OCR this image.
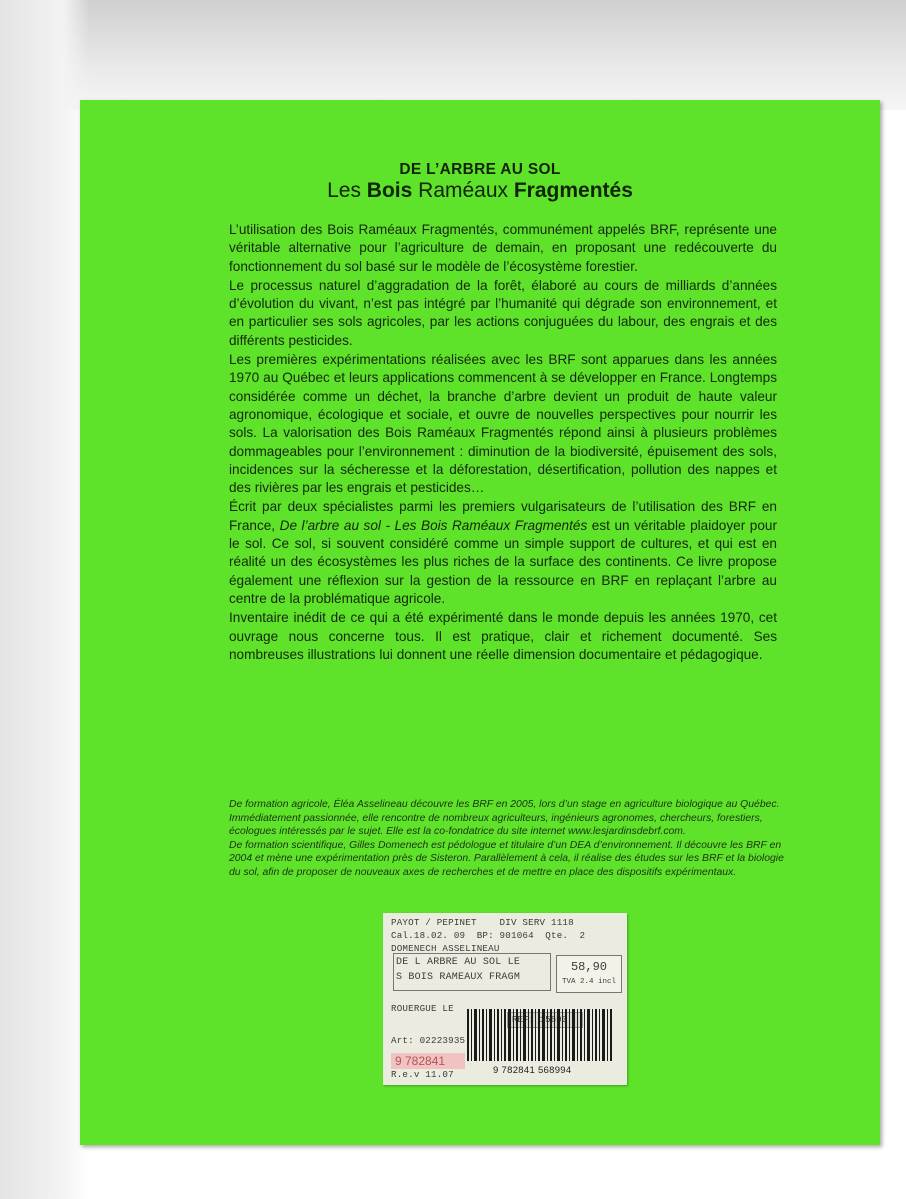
DE L’ARBRE AU SOL
Les Bois Raméaux Fragmentés

L’utilisation des Bois Raméaux Fragmentés, communément appelés BRF, représente une véritable alternative pour l’agriculture de demain, en proposant une redécouverte du fonctionnement du sol basé sur le modèle de l’écosystème forestier.

Le processus naturel d’aggradation de la forêt, élaboré au cours de milliards d’années d’évolution du vivant, n’est pas intégré par l’humanité qui dégrade son environnement, et en particulier ses sols agricoles, par les actions conjuguées du labour, des engrais et des différents pesticides.

Les premières expérimentations réalisées avec les BRF sont apparues dans les années 1970 au Québec et leurs applications commencent à se développer en France. Longtemps considérée comme un déchet, la branche d’arbre devient un produit de haute valeur agronomique, écologique et sociale, et ouvre de nouvelles perspectives pour nourrir les sols. La valorisation des Bois Raméaux Fragmentés répond ainsi à plusieurs problèmes dommageables pour l’environnement : diminution de la biodiversité, épuisement des sols, incidences sur la sécheresse et la déforestation, désertification, pollution des nappes et des rivières par les engrais et pesticides…

Écrit par deux spécialistes parmi les premiers vulgarisateurs de l’utilisation des BRF en France, De l’arbre au sol - Les Bois Raméaux Fragmentés est un véritable plaidoyer pour le sol. Ce sol, si souvent considéré comme un simple support de cultures, et qui est en réalité un des écosystèmes les plus riches de la surface des continents. Ce livre propose également une réflexion sur la gestion de la ressource en BRF en replaçant l’arbre au centre de la problématique agricole.

Inventaire inédit de ce qui a été expérimenté dans le monde depuis les années 1970, cet ouvrage nous concerne tous. Il est pratique, clair et richement documenté. Ses nombreuses illustrations lui donnent une réelle dimension documentaire et pédagogique.

De formation agricole, Éléa Asselineau découvre les BRF en 2005, lors d’un stage en agriculture biologique au Québec. Immédiatement passionnée, elle rencontre de nombreux agriculteurs, ingénieurs agronomes, chercheurs, forestiers, écologues intéressés par le sujet. Elle est la co-fondatrice du site internet www.lesjardinsdebrf.com.

De formation scientifique, Gilles Domenech est pédologue et titulaire d’un DEA d’environnement. Il découvre les BRF en 2004 et mène une expérimentation près de Sisteron. Parallèlement à cela, il réalise des études sur les BRF et la biologie du sol, afin de proposer de nouveaux axes de recherches et de mettre en place des dispositifs expérimentaux.

PAYOT / PEPINET    DIV SERV 1118
Cal.18.02. 09  BP: 901064  Qte.  2
DOMENECH ASSELINEAU
DE L ARBRE AU SOL LE
S BOIS RAMEAUX FRAGM
58,90
TVA 2.4 incl
ROUERGUE LE
15690
Art: 02223935
9 782841
R.e.v 11.07	9 782841 568994
